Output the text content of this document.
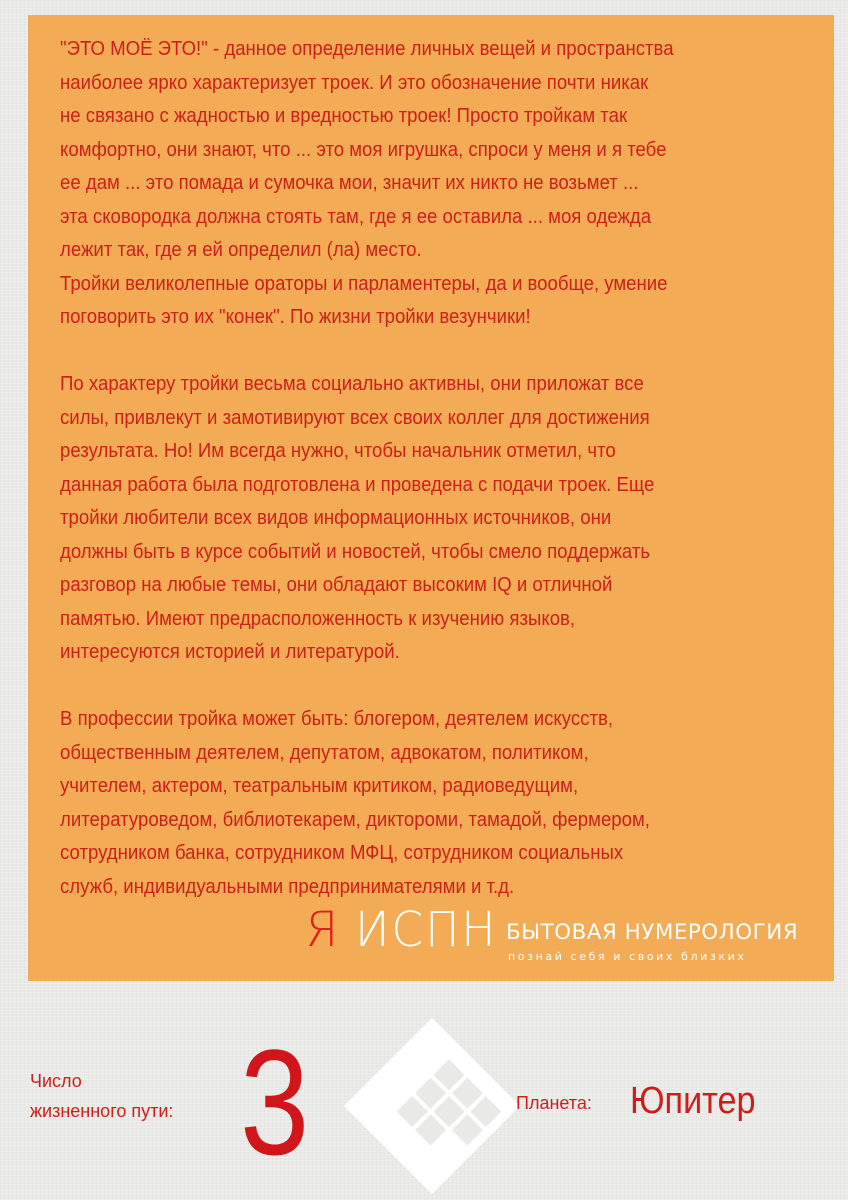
"ЭТО МОЁ ЭТО!" - данное определение личных вещей и пространства
наиболее ярко характеризует троек. И это обозначение почти никак
не связано с жадностью и вредностью троек! Просто тройкам так
комфортно, они знают, что ... это моя игрушка, спроси у меня и я тебе
ее дам ... это помада и сумочка мои, значит их никто не возьмет ...
эта сковородка должна стоять там, где я ее оставила ... моя одежда
лежит так, где я ей определил (ла) место.
Тройки великолепные ораторы и парламентеры, да и вообще, умение
поговорить это их "конек". По жизни тройки везунчики!

По характеру тройки весьма социально активны, они приложат все
силы, привлекут и замотивируют всех своих коллег для достижения
результата. Но! Им всегда нужно, чтобы начальник отметил, что
данная работа была подготовлена и проведена с подачи троек. Еще
тройки любители всех видов информационных источников, они
должны быть в курсе событий и новостей, чтобы смело поддержать
разговор на любые темы, они обладают высоким IQ и отличной
памятью. Имеют предрасположенность к изучению языков,
интересуются историей и литературой.

В профессии тройка может быть: блогером, деятелем искусств,
общественным деятелем, депутатом, адвокатом, политиком,
учителем, актером, театральным критиком, радиоведущим,
литературоведом, библиотекарем, дикторoми, тамадой, фермером,
сотрудником банка, сотрудником МФЦ, сотрудником социальных
служб, индивидуальными предпринимателями и т.д.

Я ИСПН БЫТОВАЯ НУМЕРОЛОГИЯ
познай себя и своих близких
Число
жизненного пути: 3	Планета: Юпитер
